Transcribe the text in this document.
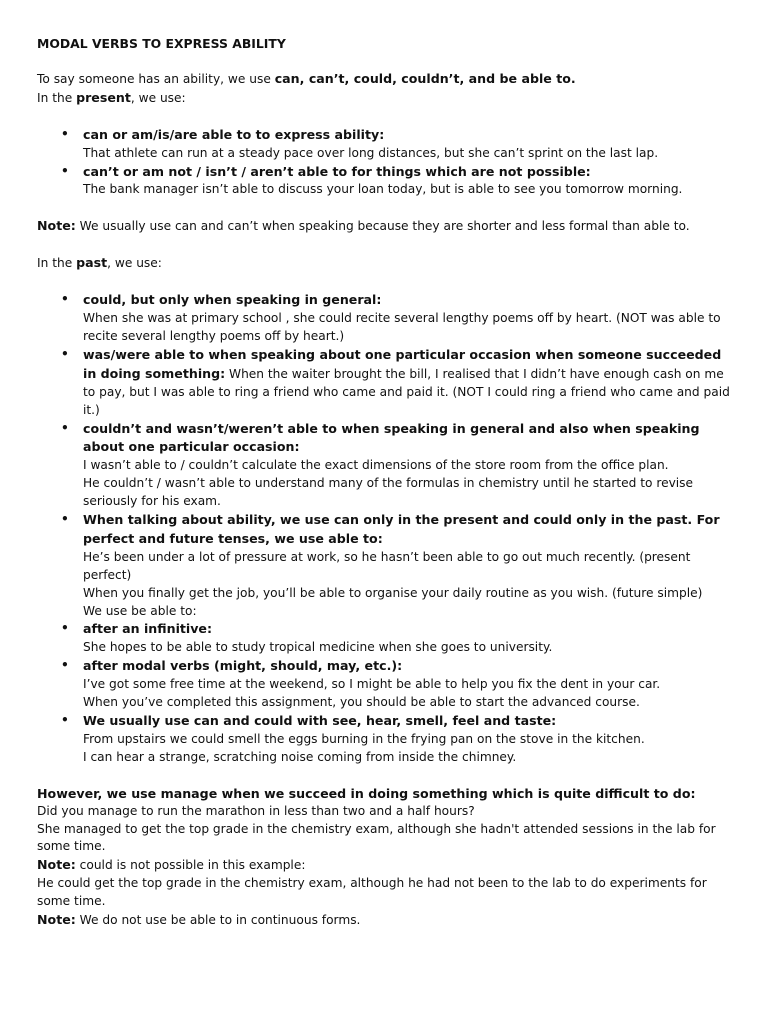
MODAL VERBS TO EXPRESS ABILITY

To say someone has an ability, we use can, can’t, could, couldn’t, and be able to.

In the present, we use:

• can or am/is/are able to to express ability:
That athlete can run at a steady pace over long distances, but she can’t sprint on the last lap.
• can’t or am not / isn’t / aren’t able to for things which are not possible:
The bank manager isn’t able to discuss your loan today, but is able to see you tomorrow morning.

Note: We usually use can and can’t when speaking because they are shorter and less formal than able to.

In the past, we use:

• could, but only when speaking in general:
When she was at primary school , she could recite several lengthy poems off by heart. (NOT was able to recite several lengthy poems off by heart.)
• was/were able to when speaking about one particular occasion when someone succeeded in doing something: When the waiter brought the bill, I realised that I didn’t have enough cash on me to pay, but I was able to ring a friend who came and paid it. (NOT I could ring a friend who came and paid it.)
• couldn’t and wasn’t/weren’t able to when speaking in general and also when speaking about one particular occasion:
I wasn’t able to / couldn’t calculate the exact dimensions of the store room from the office plan.
He couldn’t / wasn’t able to understand many of the formulas in chemistry until he started to revise seriously for his exam.
• When talking about ability, we use can only in the present and could only in the past. For perfect and future tenses, we use able to:
He’s been under a lot of pressure at work, so he hasn’t been able to go out much recently. (present perfect)
When you finally get the job, you’ll be able to organise your daily routine as you wish. (future simple)
We use be able to:
• after an infinitive:
She hopes to be able to study tropical medicine when she goes to university.
• after modal verbs (might, should, may, etc.):
I’ve got some free time at the weekend, so I might be able to help you fix the dent in your car.
When you’ve completed this assignment, you should be able to start the advanced course.
• We usually use can and could with see, hear, smell, feel and taste:
From upstairs we could smell the eggs burning in the frying pan on the stove in the kitchen.
I can hear a strange, scratching noise coming from inside the chimney.

However, we use manage when we succeed in doing something which is quite difficult to do:

Did you manage to run the marathon in less than two and a half hours?

She managed to get the top grade in the chemistry exam, although she hadn't attended sessions in the lab for some time.

Note: could is not possible in this example:

He could get the top grade in the chemistry exam, although he had not been to the lab to do experiments for some time.

Note: We do not use be able to in continuous forms.
